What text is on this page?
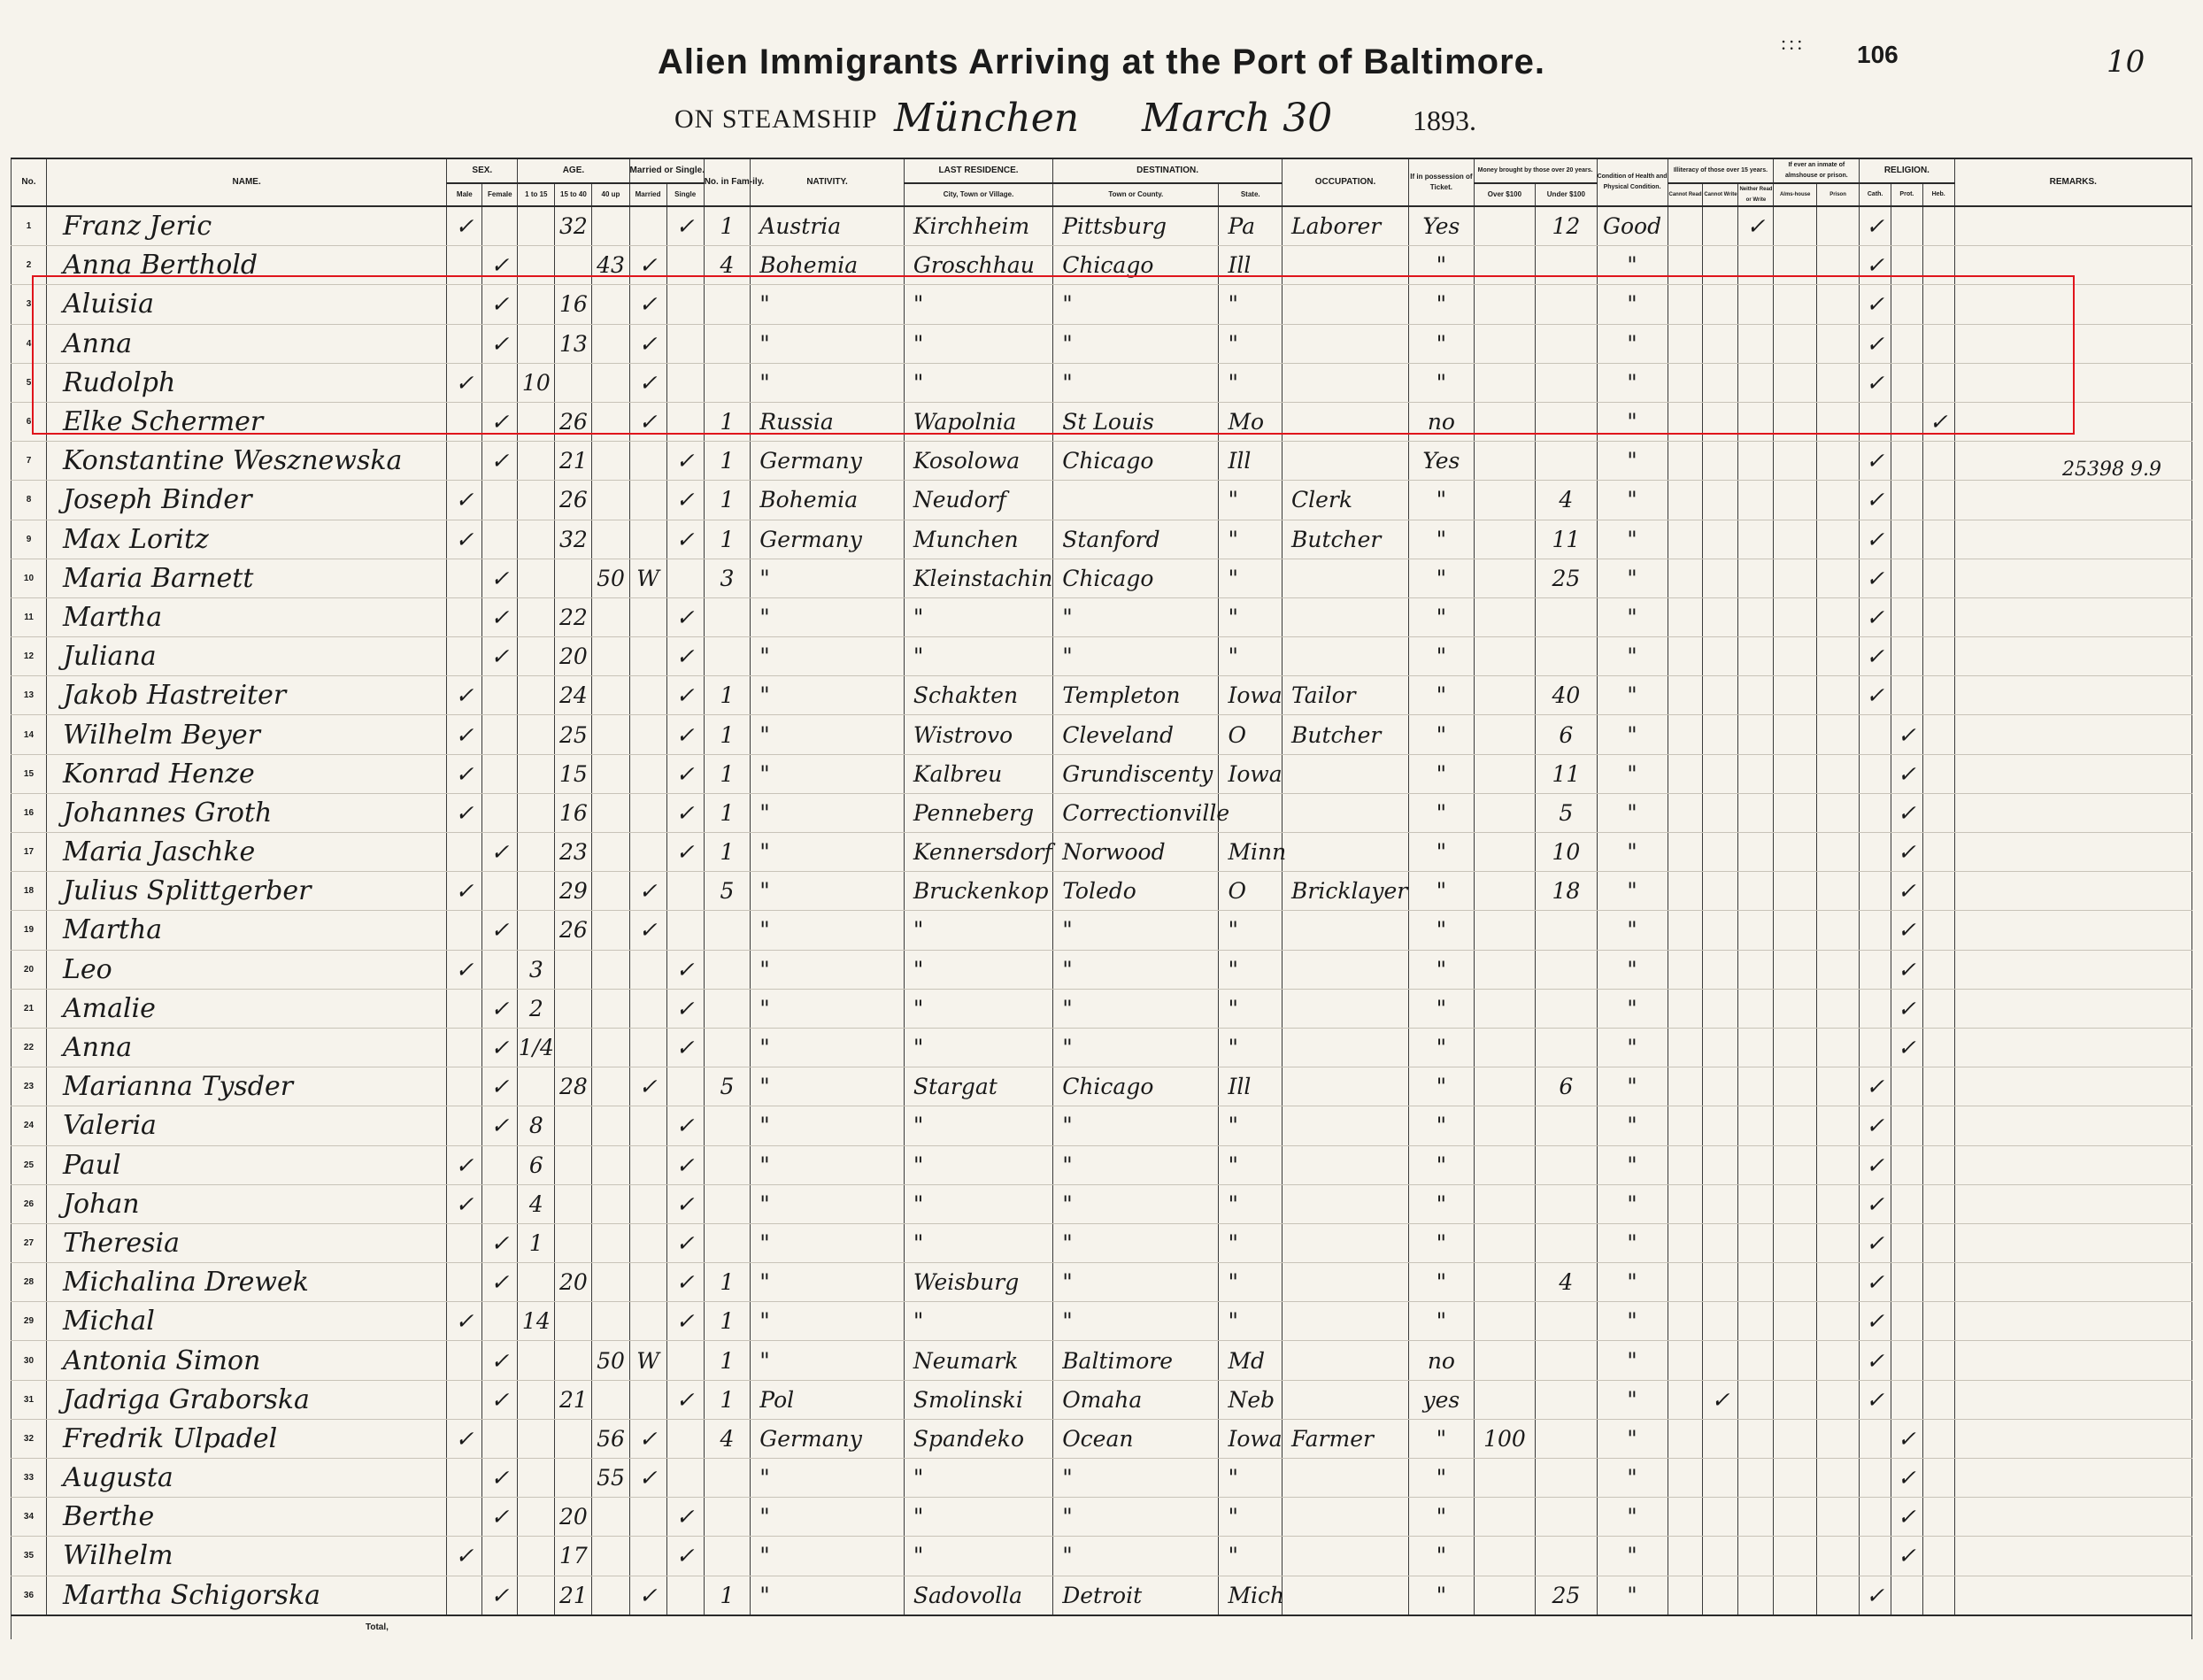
:::
Alien Immigrants Arriving at the Port of Baltimore.	106	10
ON STEAMSHIP München March 30	1893.
No.	NAME.	SEX.		AGE.			Married or Single.		No. in Fam-ily.	NATIVITY.	LAST RESIDENCE.	DESTINATION.		OCCUPATION.	If in possession of Ticket.	Money brought by those over 20 years.		Condition of Health and Physical Condition.	Illiteracy of those over 15 years.			If ever an inmate of almshouse or prison.		RELIGION.			REMARKS.
		Male	Female	1 to 15	15 to 40	40 up	Married	Single			City, Town or Village.	Town or County.	State.			Over $100	Under $100		Cannot Read	Cannot Write	Neither Read or Write	Alms-house	Prison	Cath.	Prot.	Heb.	
1	Franz Jeric	✓			32			✓	1	Austria	Kirchheim	Pittsburg	Pa	Laborer	Yes		12	Good			✓			✓			
2	Anna Berthold		✓			43	✓		4	Bohemia	Groschhau	Chicago	Ill		"			"						✓			
3	Aluisia		✓		16		✓			"	"	"	"		"			"						✓			
4	Anna		✓		13		✓			"	"	"	"		"			"						✓			
5	Rudolph	✓		10			✓			"	"	"	"		"			"						✓			
6	Elke Schermer		✓		26		✓		1	Russia	Wapolnia	St Louis	Mo		no			"								✓	
7	Konstantine Wesznewska		✓		21			✓	1	Germany	Kosolowa	Chicago	Ill		Yes			"						✓			
8	Joseph Binder	✓			26			✓	1	Bohemia	Neudorf		"	Clerk	"		4	"						✓			
9	Max Loritz	✓			32			✓	1	Germany	Munchen	Stanford	"	Butcher	"		11	"						✓			
10	Maria Barnett		✓			50	W		3	"	Kleinstachin	Chicago	"		"		25	"						✓			
11	Martha		✓		22			✓		"	"	"	"		"			"						✓			
12	Juliana		✓		20			✓		"	"	"	"		"			"						✓			
13	Jakob Hastreiter	✓			24			✓	1	"	Schakten	Templeton	Iowa	Tailor	"		40	"						✓			
14	Wilhelm Beyer	✓			25			✓	1	"	Wistrovo	Cleveland	O	Butcher	"		6	"							✓		
15	Konrad Henze	✓			15			✓	1	"	Kalbreu	Grundiscenty	Iowa		"		11	"							✓		
16	Johannes Groth	✓			16			✓	1	"	Penneberg	Correctionville			"		5	"							✓		
17	Maria Jaschke		✓		23			✓	1	"	Kennersdorf	Norwood	Minn		"		10	"							✓		
18	Julius Splittgerber	✓			29		✓		5	"	Bruckenkop	Toledo	O	Bricklayer	"		18	"							✓		
19	Martha		✓		26		✓			"	"	"	"		"			"							✓		
20	Leo	✓		3				✓		"	"	"	"		"			"							✓		
21	Amalie		✓	2				✓		"	"	"	"		"			"							✓		
22	Anna		✓	1/4				✓		"	"	"	"		"			"							✓		
23	Marianna Tysder		✓		28		✓		5	"	Stargat	Chicago	Ill		"		6	"						✓			
24	Valeria		✓	8				✓		"	"	"	"		"			"						✓			
25	Paul	✓		6				✓		"	"	"	"		"			"						✓			
26	Johan	✓		4				✓		"	"	"	"		"			"						✓			
27	Theresia		✓	1				✓		"	"	"	"		"			"						✓			
28	Michalina Drewek		✓		20			✓	1	"	Weisburg	"	"		"		4	"						✓			
29	Michal	✓		14				✓	1	"	"	"	"		"			"						✓			
30	Antonia Simon		✓			50	W		1	"	Neumark	Baltimore	Md		no			"						✓			
31	Jadriga Graborska		✓		21			✓	1	Pol	Smolinski	Omaha	Neb		yes			"		✓				✓			
32	Fredrik Ulpadel	✓				56	✓		4	Germany	Spandeko	Ocean	Iowa	Farmer	"	100		"							✓		
33	Augusta		✓			55	✓			"	"	"	"		"			"							✓		
34	Berthe		✓		20			✓		"	"	"	"		"			"							✓		
35	Wilhelm	✓			17			✓		"	"	"	"		"			"							✓		
36	Martha Schigorska		✓		21		✓		1	"	Sadovolla	Detroit	Mich		"		25	"						✓			
Total,																											
25398 9.9
